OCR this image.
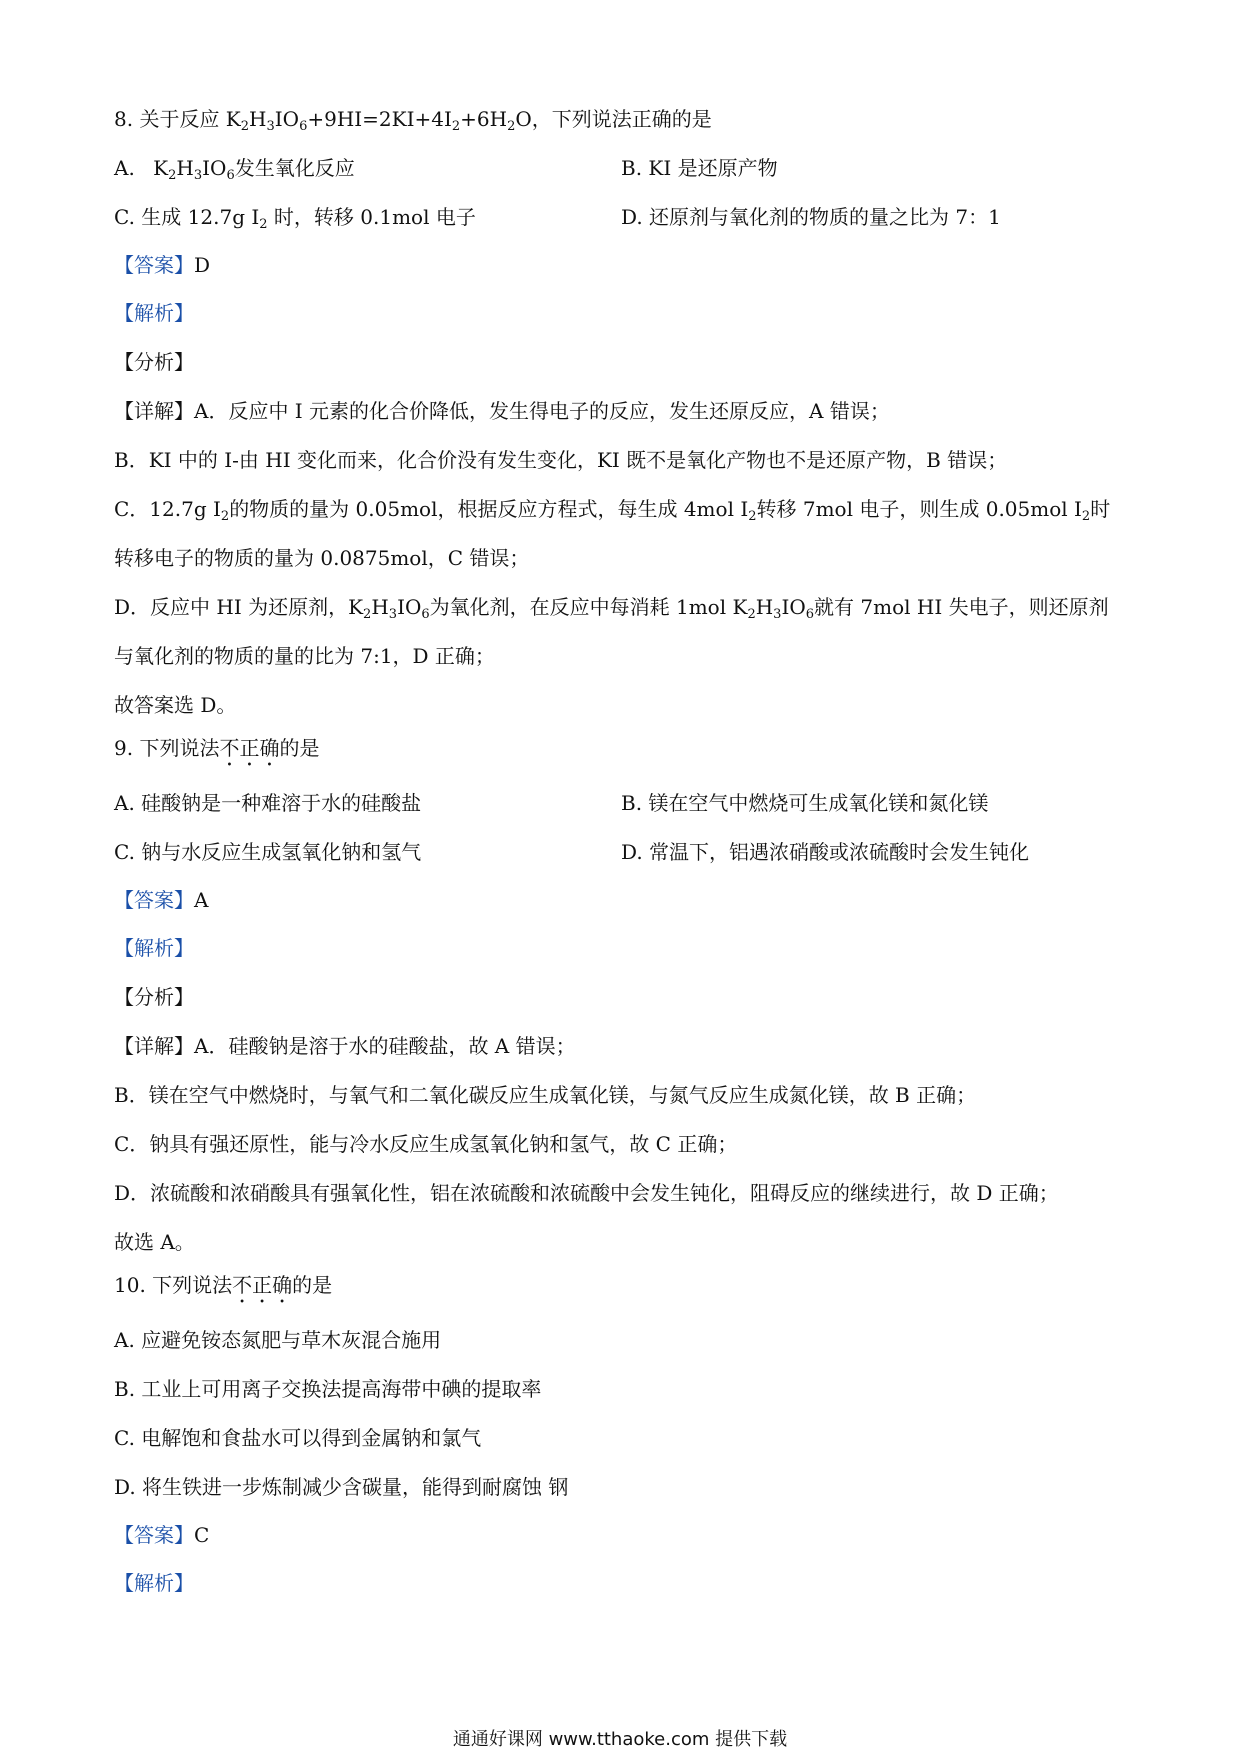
8. 关于反应 $K_2H_3IO_6+9HI=2KI+4I_2+6H_2O$，下列说法正确的是
A. $K_2H_3IO_6$发生氧化反应	B. KI 是还原产物
C. 生成 12.7g $I_2$ 时，转移 0.1mol 电子	D. 还原剂与氧化剂的物质的量之比为 7：1
【答案】D
【解析】
【分析】
【详解】A．反应中 I 元素的化合价降低，发生得电子的反应，发生还原反应，A 错误；
B．KI 中的 I-由 HI 变化而来，化合价没有发生变化，KI 既不是氧化产物也不是还原产物，B 错误；
C．12.7g $I_2$的物质的量为 0.05mol，根据反应方程式，每生成 4mol $I_2$转移 7mol 电子，则生成 0.05mol $I_2$时
转移电子的物质的量为 0.0875mol，C 错误；
D．反应中 HI 为还原剂，$K_2H_3IO_6$为氧化剂，在反应中每消耗 1mol $K_2H_3IO_6$就有 7mol HI 失电子，则还原剂
与氧化剂的物质的量的比为 7:1，D 正确；
故答案选 D。
9. 下列说法不正确的是
A. 硅酸钠是一种难溶于水的硅酸盐	B. 镁在空气中燃烧可生成氧化镁和氮化镁
C. 钠与水反应生成氢氧化钠和氢气	D. 常温下，铝遇浓硝酸或浓硫酸时会发生钝化
【答案】A
【解析】
【分析】
【详解】A．硅酸钠是溶于水的硅酸盐，故 A 错误；
B．镁在空气中燃烧时，与氧气和二氧化碳反应生成氧化镁，与氮气反应生成氮化镁，故 B 正确；
C．钠具有强还原性，能与冷水反应生成氢氧化钠和氢气，故 C 正确；
D．浓硫酸和浓硝酸具有强氧化性，铝在浓硫酸和浓硫酸中会发生钝化，阻碍反应的继续进行，故 D 正确；
故选 A。
10. 下列说法不正确的是
A. 应避免铵态氮肥与草木灰混合施用
B. 工业上可用离子交换法提高海带中碘的提取率
C. 电解饱和食盐水可以得到金属钠和氯气
D. 将生铁进一步炼制减少含碳量，能得到耐腐蚀 钢
【答案】C
【解析】
通通好课网 www.tthaoke.com 提供下载
